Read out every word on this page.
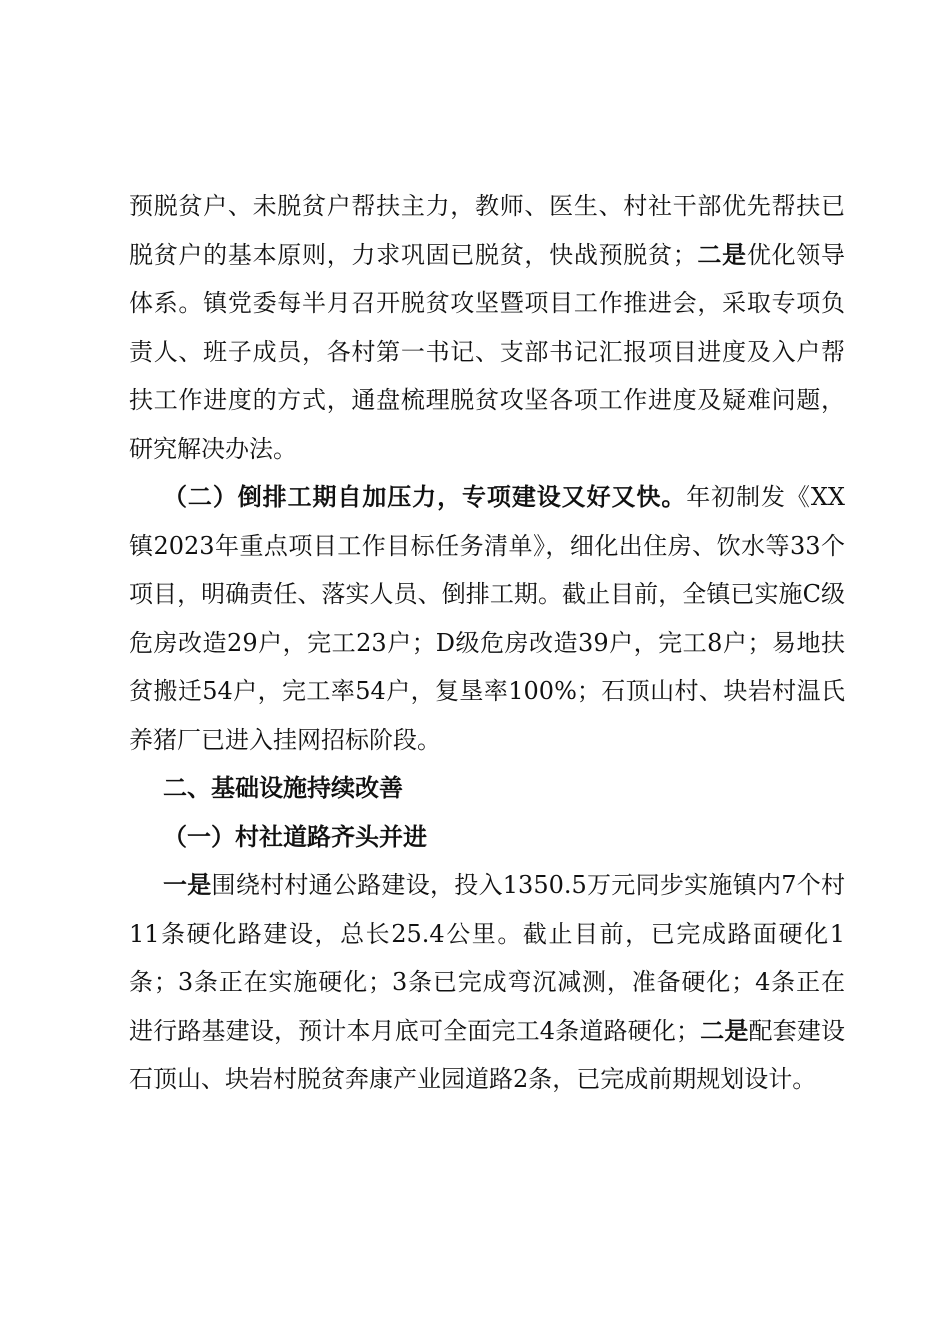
预脱贫户、未脱贫户帮扶主力，教师、医生、村社干部优先帮扶已脱贫户的基本原则，力求巩固已脱贫，快战预脱贫；二是优化领导体系。镇党委每半月召开脱贫攻坚暨项目工作推进会，采取专项负责人、班子成员，各村第一书记、支部书记汇报项目进度及入户帮扶工作进度的方式，通盘梳理脱贫攻坚各项工作进度及疑难问题，研究解决办法。

（二）倒排工期自加压力，专项建设又好又快。年初制发《XX镇2023年重点项目工作目标任务清单》，细化出住房、饮水等33个项目，明确责任、落实人员、倒排工期。截止目前，全镇已实施C级危房改造29户，完工23户；D级危房改造39户，完工8户；易地扶贫搬迁54户，完工率54户，复垦率100%；石顶山村、块岩村温氏养猪厂已进入挂网招标阶段。

二、基础设施持续改善

（一）村社道路齐头并进

一是围绕村村通公路建设，投入1350.5万元同步实施镇内7个村11条硬化路建设，总长25.4公里。截止目前，已完成路面硬化1条；3条正在实施硬化；3条已完成弯沉减测，准备硬化；4条正在进行路基建设，预计本月底可全面完工4条道路硬化；二是配套建设石顶山、块岩村脱贫奔康产业园道路2条，已完成前期规划设计。
